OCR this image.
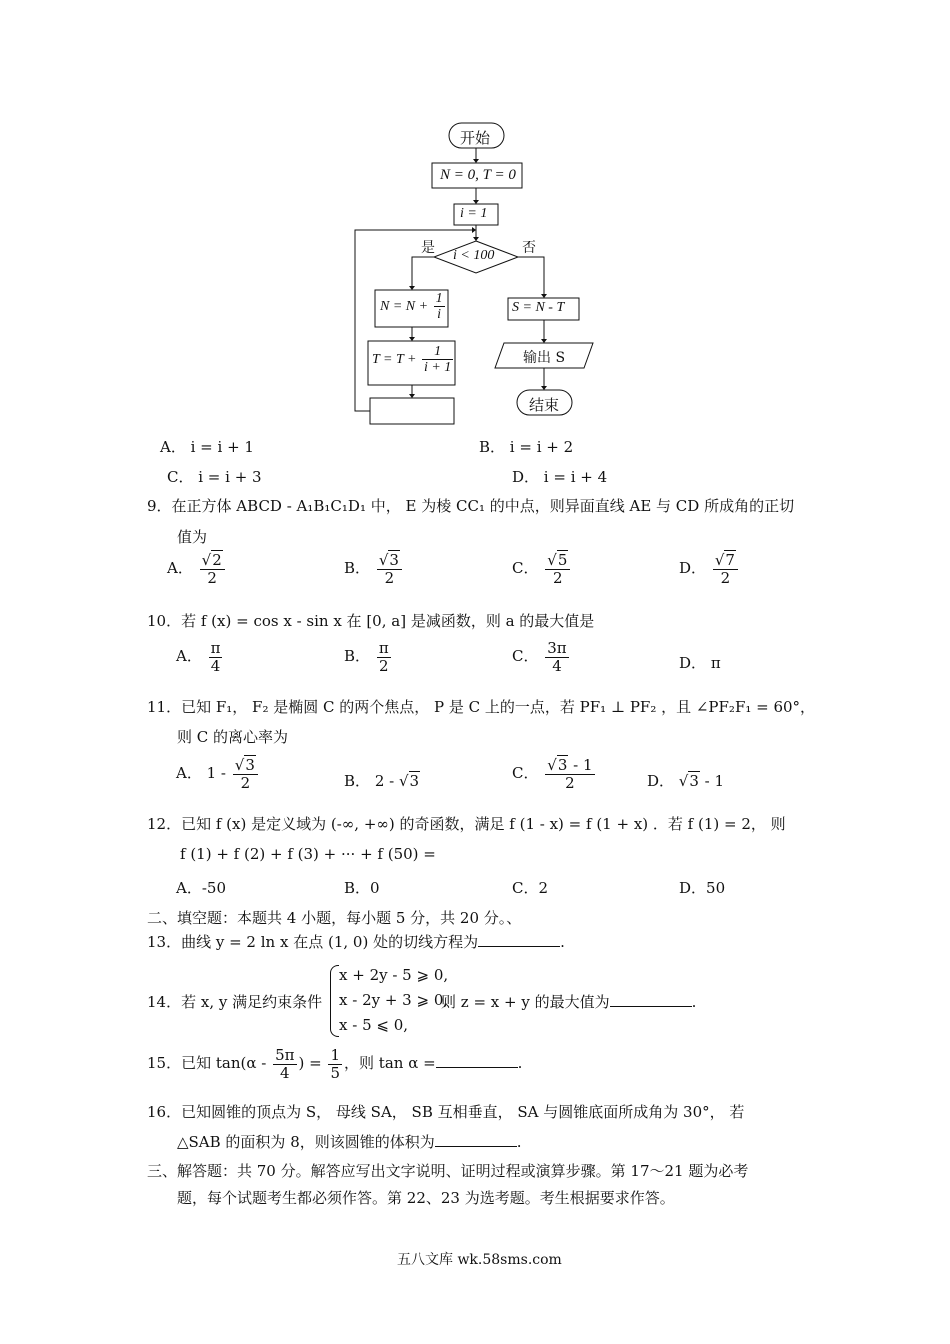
开始
N = 0, T = 0
i = 1
i < 100
是	否
$N = N + \frac{1}{i}$
$T = T + \frac{1}{i + 1}$
S = N - T
输出 S
结束
A． i = i + 1	B． i = i + 2
C． i = i + 3	D． i = i + 4
9．在正方体 ABCD - A₁B₁C₁D₁ 中， E 为棱 CC₁ 的中点，则异面直线 AE 与 CD 所成角的正切
值为
A． $\frac{√2}{2}$	B． $\frac{√3}{2}$	C． $\frac{√5}{2}$	D． $\frac{√7}{2}$
10．若 f (x) = cos x - sin x 在 [0, a] 是减函数，则 a 的最大值是
A． $\frac{\pi}{4}$	B． $\frac{\pi}{2}$	C． $\frac{3\pi}{4}$	D． π
11．已知 F₁， F₂ 是椭圆 C 的两个焦点， P 是 C 上的一点，若 PF₁ ⊥ PF₂ ，且 ∠PF₂F₁ = 60°，
则 C 的离心率为
A． $1 - \frac{√3}{2}$	B． 2 - √3	C． $\frac{√3 - 1}{2}$	D． √3 - 1
12．已知 f (x) 是定义域为 (-∞, +∞) 的奇函数，满足 f (1 - x) = f (1 + x) ．若 f (1) = 2， 则
f (1) + f (2) + f (3) + ··· + f (50) =
A．-50	B．0	C．2	D．50
二、填空题：本题共 4 小题，每小题 5 分，共 20 分。、
13．曲线 y = 2 ln x 在点 (1, 0) 处的切线方程为	.
14．若 x, y 满足约束条件
x + 2y - 5 ⩾ 0,
x - 2y + 3 ⩾ 0,
x - 5 ⩽ 0,
则 z = x + y 的最大值为	.
15．已知 $\tan(\alpha - \frac{5\pi}{4}$ ) = $\frac{1}{5}$ ，则 tan α =	.
16．已知圆锥的顶点为 S， 母线 SA， SB 互相垂直， SA 与圆锥底面所成角为 30°， 若
△SAB 的面积为 8，则该圆锥的体积为	.
三、解答题：共 70 分。解答应写出文字说明、证明过程或演算步骤。第 17～21 题为必考
题，每个试题考生都必须作答。第 22、23 为选考题。考生根据要求作答。
五八文库 wk.58sms.com
